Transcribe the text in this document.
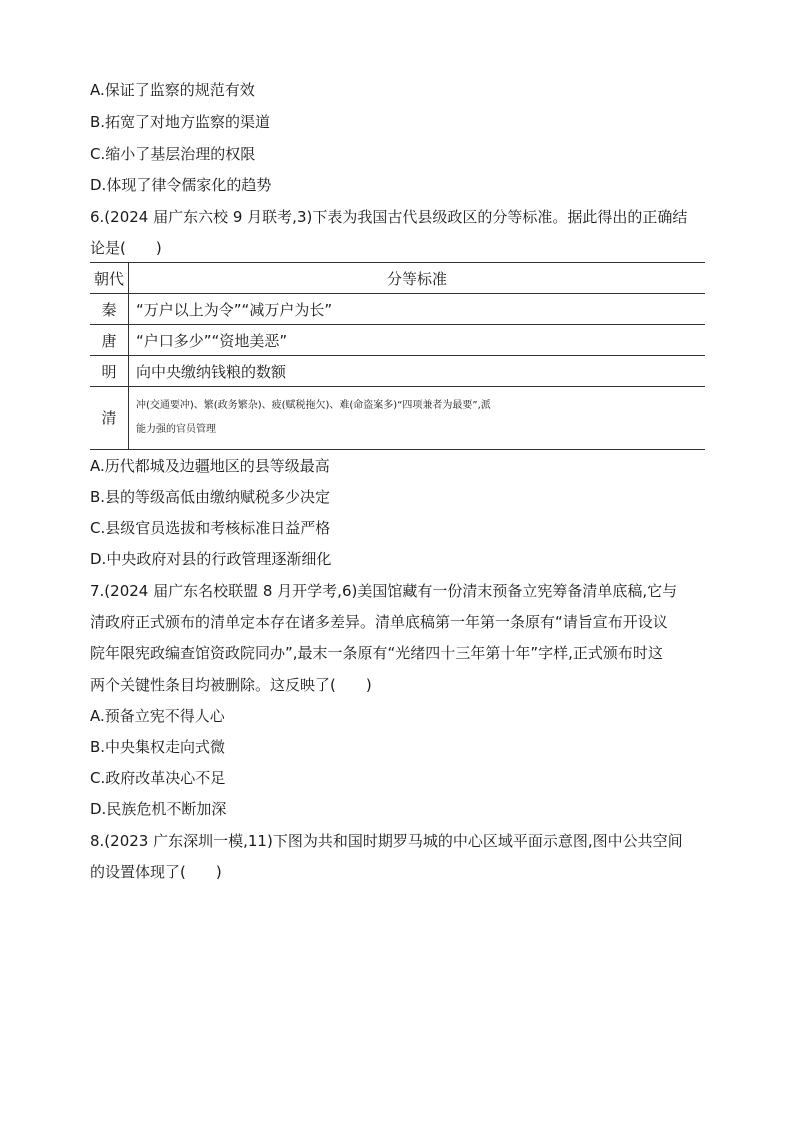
A.保证了监察的规范有效
B.拓宽了对地方监察的渠道
C.缩小了基层治理的权限
D.体现了律令儒家化的趋势
6.(2024 届广东六校 9 月联考,3)下表为我国古代县级政区的分等标准。据此得出的正确结
论是(　　)
朝代	分等标准
秦	“万户以上为令”“减万户为长”
唐	“户口多少”“资地美恶”
明	向中央缴纳钱粮的数额
清	冲(交通要冲)、繁(政务繁杂)、疲(赋税拖欠)、难(命盗案多)“四项兼者为最要”,派
能力强的官员管理
A.历代都城及边疆地区的县等级最高
B.县的等级高低由缴纳赋税多少决定
C.县级官员选拔和考核标准日益严格
D.中央政府对县的行政管理逐渐细化
7.(2024 届广东名校联盟 8 月开学考,6)美国馆藏有一份清末预备立宪筹备清单底稿,它与
清政府正式颁布的清单定本存在诸多差异。清单底稿第一年第一条原有“请旨宣布开设议
院年限宪政编查馆资政院同办”,最末一条原有“光绪四十三年第十年”字样,正式颁布时这
两个关键性条目均被删除。这反映了(　　)
A.预备立宪不得人心
B.中央集权走向式微
C.政府改革决心不足
D.民族危机不断加深
8.(2023 广东深圳一模,11)下图为共和国时期罗马城的中心区域平面示意图,图中公共空间
的设置体现了(　　)
